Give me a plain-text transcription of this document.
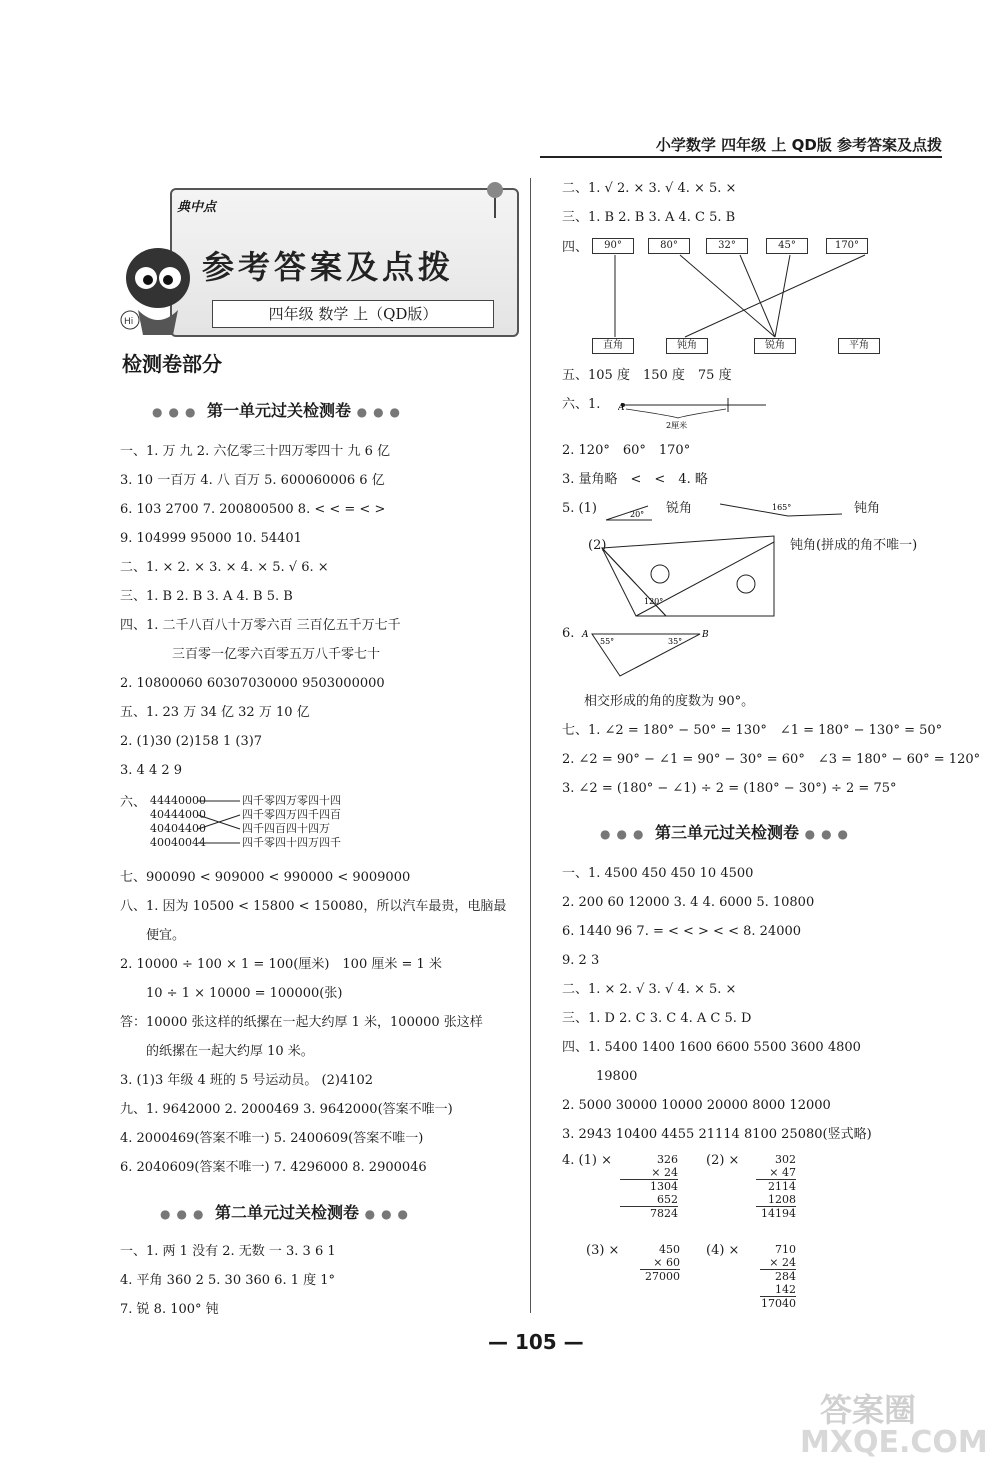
小学数学 四年级 上 QD版 参考答案及点拨
典中点
参考答案及点拨
四年级 数学 上（QD版）
Hi
检测卷部分
●●● 第一单元过关检测卷 ●●●
一、1. 万 九 2. 六亿零三十四万零四十 九 6 亿
3. 10 一百万 4. 八 百万 5. 600060006 6 亿
6. 103 2700 7. 200800500 8. < < = < >
9. 104999 95000 10. 54401
二、1. × 2. × 3. × 4. × 5. √ 6. ×
三、1. B 2. B 3. A 4. B 5. B
四、1. 二千八百八十万零六百 三百亿五千万七千
三百零一亿零六百零五万八千零七十
2. 10800060 60307030000 9503000000
五、1. 23 万 34 亿 32 万 10 亿
2. (1)30 (2)158 1 (3)7
3. 4 4 2 9
六、 44440000
40444000
40404400
40040044
四千零四万零四十四
四千零四万四千四百
四千四百四十四万
四千零四十四万四千
七、900090 < 909000 < 990000 < 9009000
八、1. 因为 10500 < 15800 < 150080，所以汽车最贵，电脑最
便宜。
2. 10000 ÷ 100 × 1 = 100(厘米)　100 厘米 = 1 米
10 ÷ 1 × 10000 = 100000(张)
答：10000 张这样的纸摞在一起大约厚 1 米，100000 张这样
的纸摞在一起大约厚 10 米。
3. (1)3 年级 4 班的 5 号运动员。 (2)4102
九、1. 9642000 2. 2000469 3. 9642000(答案不唯一)
4. 2000469(答案不唯一) 5. 2400609(答案不唯一)
6. 2040609(答案不唯一) 7. 4296000 8. 2900046
●●● 第二单元过关检测卷 ●●●
一、1. 两 1 没有 2. 无数 一 3. 3 6 1
4. 平角 360 2 5. 30 360 6. 1 度 1°
7. 锐 8. 100° 钝
二、1. √ 2. × 3. √ 4. × 5. ×
三、1. B 2. B 3. A 4. C 5. B
四、	90°	80°	32°	45°	170°
直角	钝角	锐角	平角
五、105 度　150 度　75 度
六、1. A
2厘米
2. 120°　60°　170°
3. 量角略　<　<　4. 略
5. (1)	20° 锐角	165°	钝角
(2)
120°
钝角(拼成的角不唯一)
6. A	B
55°	35°
相交形成的角的度数为 90°。
七、1. ∠2 = 180° − 50° = 130°　∠1 = 180° − 130° = 50°
2. ∠2 = 90° − ∠1 = 90° − 30° = 60°　∠3 = 180° − 60° = 120°
3. ∠2 = (180° − ∠1) ÷ 2 = (180° − 30°) ÷ 2 = 75°
●●● 第三单元过关检测卷 ●●●
一、1. 4500 450 450 10 4500
2. 200 60 12000 3. 4 4. 6000 5. 10800
6. 1440 96 7. = < < > < < 8. 24000
9. 2 3
二、1. × 2. √ 3. √ 4. × 5. ×
三、1. D 2. C 3. C 4. A C 5. D
四、1. 5400 1400 1600 6600 5500 3600 4800
19800
2. 5000 30000 10000 20000 8000 12000
3. 2943 10400 4455 21114 8100 25080(竖式略)
4. (1) ×	326
× 24
1304
652
7824
(2) ×	302
× 47
2114
1208
14194
(3) ×	450
× 60
27000
(4) ×	710
× 24
284
142
17040
— 105 —
MXQE.COM
答案圈
